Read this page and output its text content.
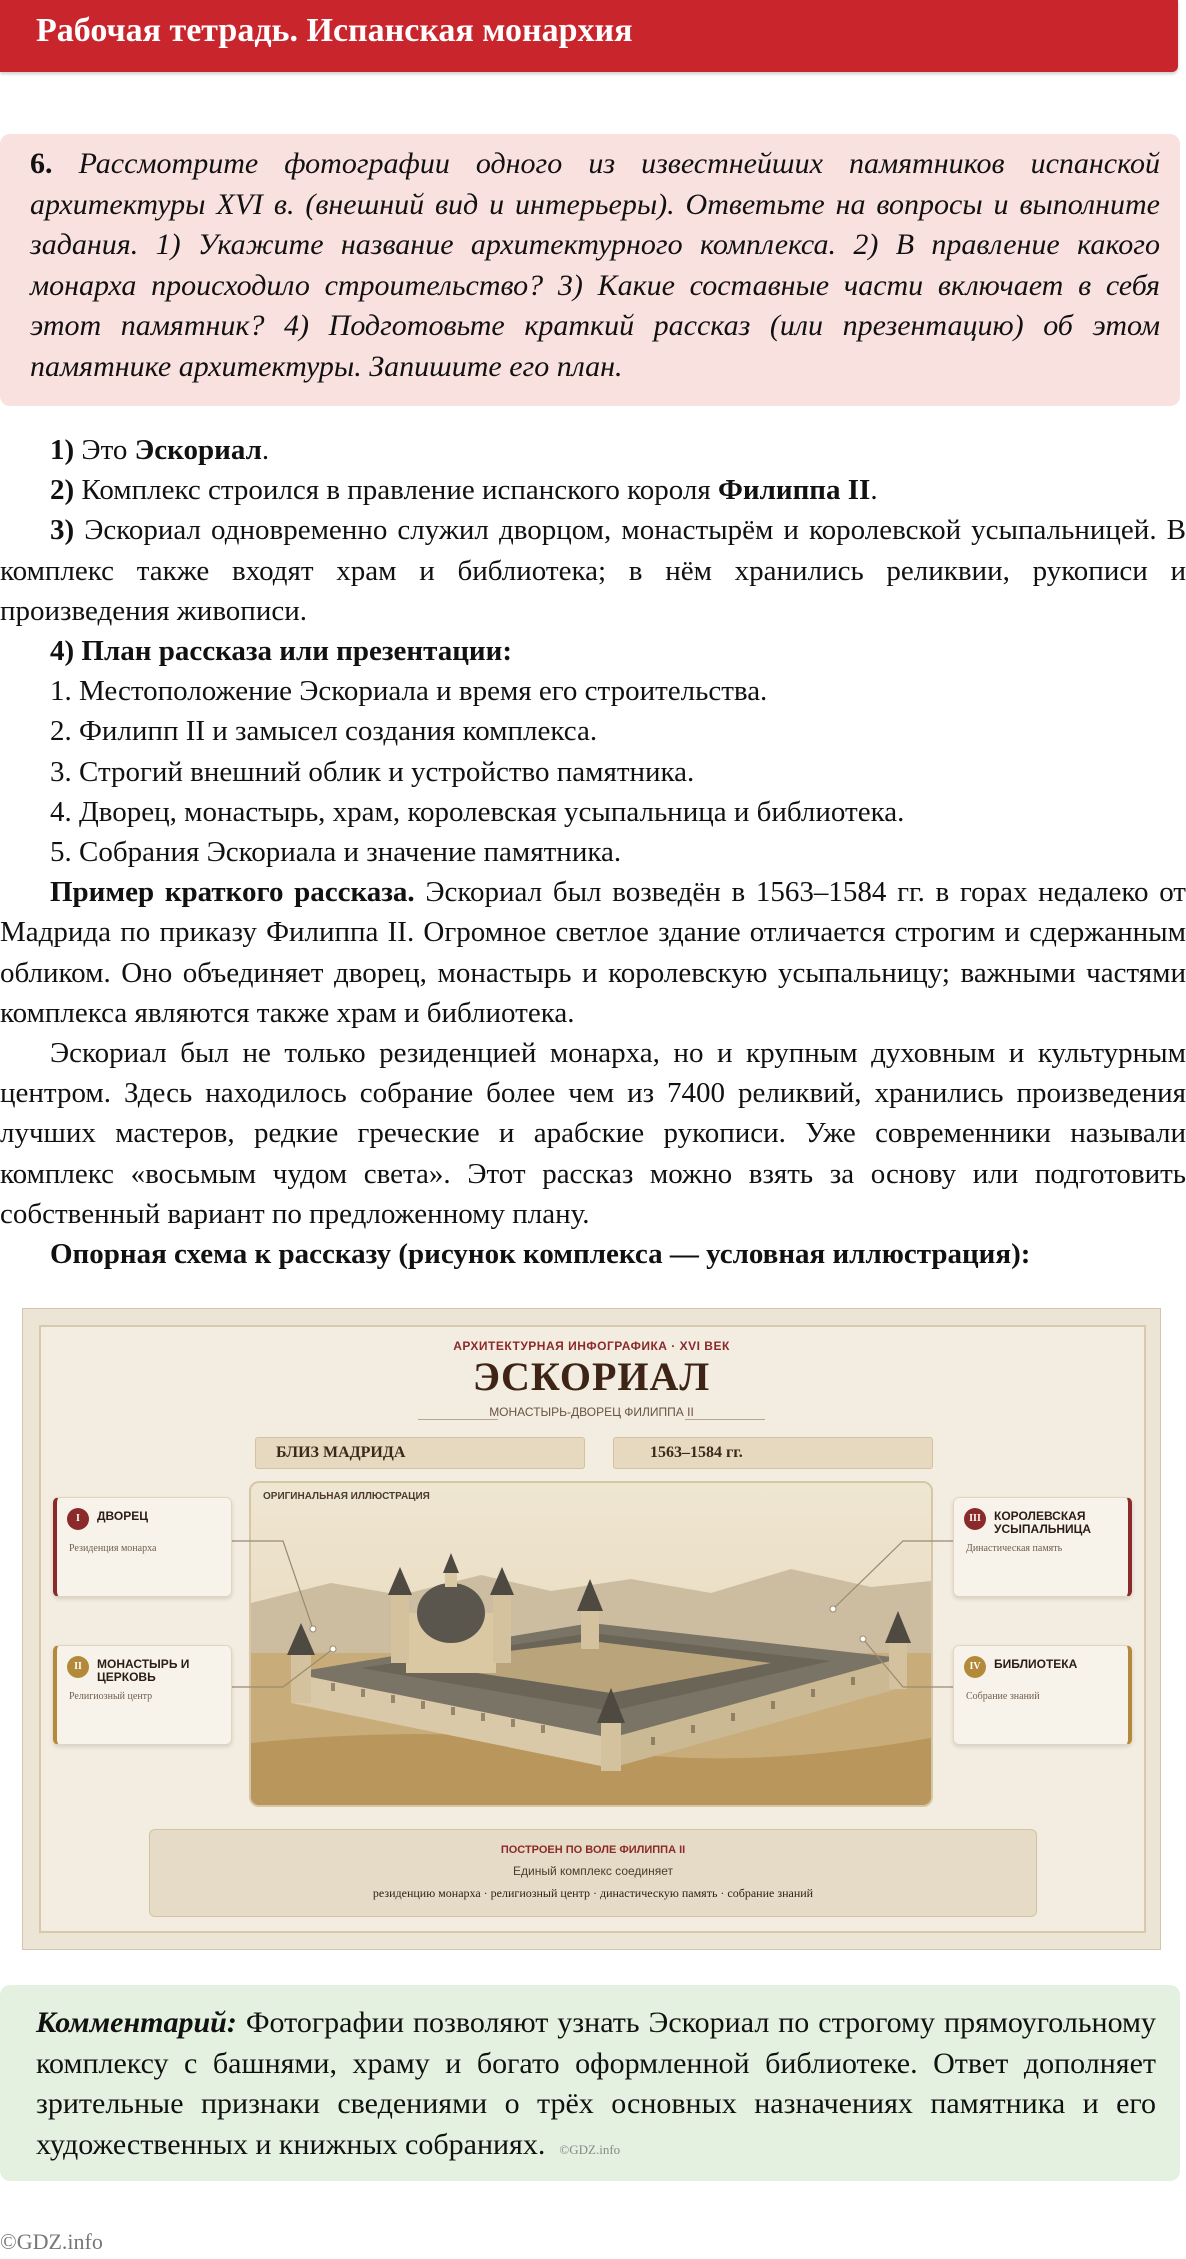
Рабочая тетрадь. Испанская монархия

6. Рассмотрите фотографии одного из известнейших памятников испанской архитектуры XVI в. (внешний вид и интерьеры). Ответьте на вопросы и выполните задания. 1) Укажите название архитектурного комплекса. 2) В правление какого монарха происходило строительство? 3) Какие составные части включает в себя этот памятник? 4) Подготовьте краткий рассказ (или презентацию) об этом памятнике архитектуры. Запишите его план.

1) Это Эскориал.

2) Комплекс строился в правление испанского короля Филиппа II.

3) Эскориал одновременно служил дворцом, монастырём и королевской усыпальницей. В комплекс также входят храм и библиотека; в нём хранились реликвии, рукописи и произведения живописи.

4) План рассказа или презентации:

1. Местоположение Эскориала и время его строительства.

2. Филипп II и замысел создания комплекса.

3. Строгий внешний облик и устройство памятника.

4. Дворец, монастырь, храм, королевская усыпальница и библиотека.

5. Собрания Эскориала и значение памятника.

Пример краткого рассказа. Эскориал был возведён в 1563–1584 гг. в горах недалеко от Мадрида по приказу Филиппа II. Огромное светлое здание отличается строгим и сдержанным обликом. Оно объединяет дворец, монастырь и королевскую усыпальницу; важными частями комплекса являются также храм и библиотека.

Эскориал был не только резиденцией монарха, но и крупным духовным и культурным центром. Здесь находилось собрание более чем из 7400 реликвий, хранились произведения лучших мастеров, редкие греческие и арабские рукописи. Уже современники называли комплекс «восьмым чудом света». Этот рассказ можно взять за основу или подготовить собственный вариант по предложенному плану.

Опорная схема к рассказу (рисунок комплекса — условная иллюстрация):

АРХИТЕКТУРНАЯ ИНФОГРАФИКА · XVI ВЕК
ЭСКОРИАЛ
МОНАСТЫРЬ-ДВОРЕЦ ФИЛИППА II
БЛИЗ МАДРИДА	1563–1584 гг.
ОРИГИНАЛЬНАЯ ИЛЛЮСТРАЦИЯ
I	ДВОРЕЦ
Резиденция монарха
II	МОНАСТЫРЬ И ЦЕРКОВЬ
Религиозный центр
III	КОРОЛЕВСКАЯ УСЫПАЛЬНИЦА
Династическая память
IV	БИБЛИОТЕКА
Собрание знаний
ПОСТРОЕН ПО ВОЛЕ ФИЛИППА II
Единый комплекс соединяет
резиденцию монарха · религиозный центр · династическую память · собрание знаний

Комментарий: Фотографии позволяют узнать Эскориал по строгому прямоугольному комплексу с башнями, храму и богато оформленной библиотеке. Ответ дополняет зрительные признаки сведениями о трёх основных назначениях памятника и его художественных и книжных собраниях. ©GDZ.info

©GDZ.info
